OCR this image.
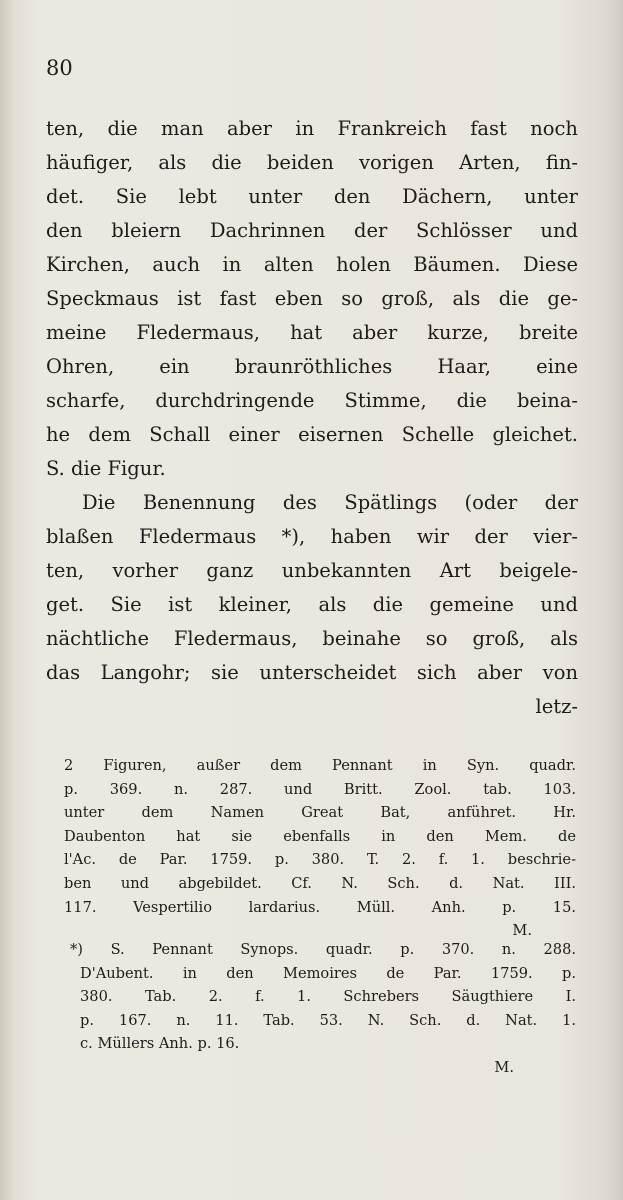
80
ten, die man aber in Frankreich fast noch
häufiger, als die beiden vorigen Arten, fin-
det. Sie lebt unter den Dächern, unter
den bleiern Dachrinnen der Schlösser und
Kirchen, auch in alten holen Bäumen. Diese
Speckmaus ist fast eben so groß, als die ge-
meine Fledermaus, hat aber kurze, breite
Ohren, ein braunröthliches Haar, eine
scharfe, durchdringende Stimme, die beina-
he dem Schall einer eisernen Schelle gleichet.
S. die Figur.
Die Benennung des Spätlings (oder der
blaßen Fledermaus *), haben wir der vier-
ten, vorher ganz unbekannten Art beigele-
get. Sie ist kleiner, als die gemeine und
nächtliche Fledermaus, beinahe so groß, als
das Langohr; sie unterscheidet sich aber von
letz-
2 Figuren, außer dem Pennant in Syn. quadr.
p. 369. n. 287. und Britt. Zool. tab. 103.
unter dem Namen Great Bat, anführet. Hr.
Daubenton hat sie ebenfalls in den Mem. de
l'Ac. de Par. 1759. p. 380. T. 2. f. 1. beschrie-
ben und abgebildet. Cf. N. Sch. d. Nat. III.
117. Vespertilio lardarius. Müll. Anh. p. 15.
M.
*) S. Pennant Synops. quadr. p. 370. n. 288.
D'Aubent. in den Memoires de Par. 1759. p.
380. Tab. 2. f. 1. Schrebers Säugthiere I.
p. 167. n. 11. Tab. 53. N. Sch. d. Nat. 1.
c. Müllers Anh. p. 16.
M.
